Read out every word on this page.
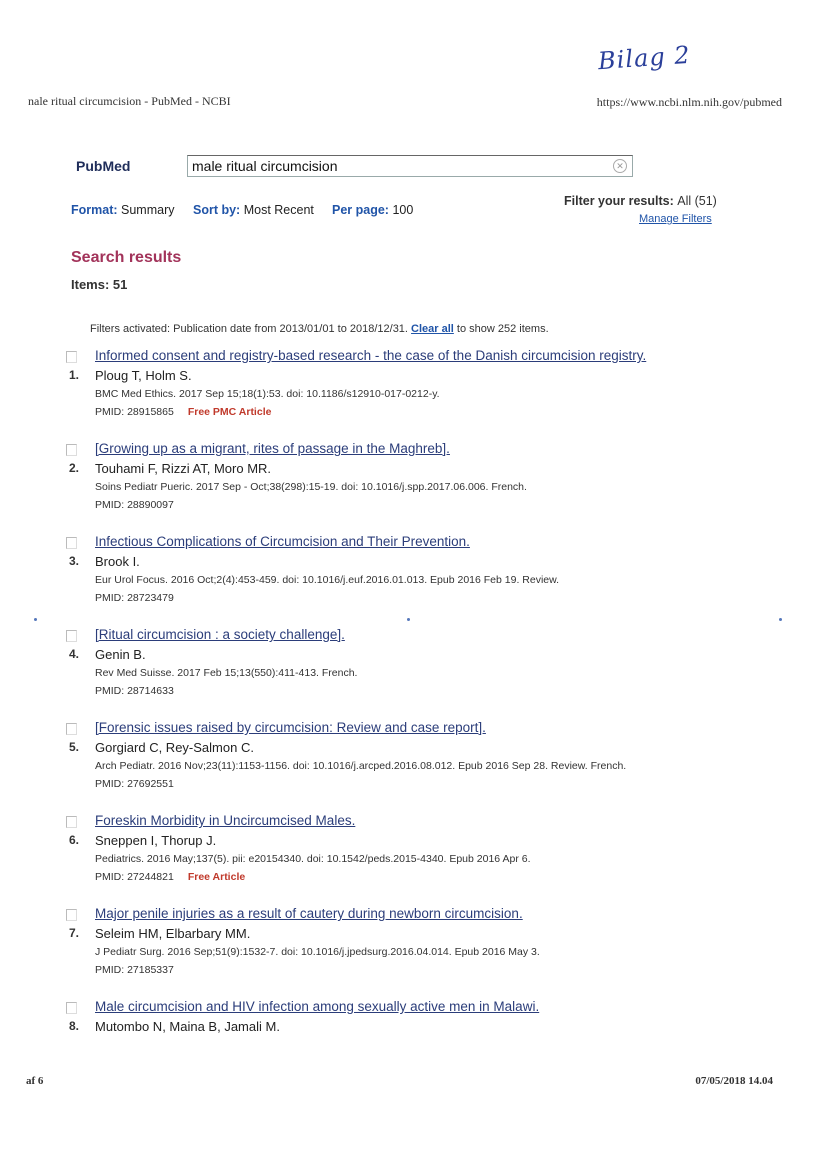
Bilag 2
nale ritual circumcision - PubMed - NCBI	https://www.ncbi.nlm.nih.gov/pubmed
PubMed
male ritual circumcision	✕
Format: Summary Sort by: Most Recent Per page: 100
Filter your results: All (51)
Manage Filters
Search results
Items: 51
Filters activated: Publication date from 2013/01/01 to 2018/12/31. Clear all to show 252 items.
Informed consent and registry-based research - the case of the Danish circumcision registry.
1. Ploug T, Holm S.
BMC Med Ethics. 2017 Sep 15;18(1):53. doi: 10.1186/s12910-017-0212-y.
PMID: 28915865 Free PMC Article
[Growing up as a migrant, rites of passage in the Maghreb].
2. Touhami F, Rizzi AT, Moro MR.
Soins Pediatr Pueric. 2017 Sep - Oct;38(298):15-19. doi: 10.1016/j.spp.2017.06.006. French.
PMID: 28890097
Infectious Complications of Circumcision and Their Prevention.
3. Brook I.
Eur Urol Focus. 2016 Oct;2(4):453-459. doi: 10.1016/j.euf.2016.01.013. Epub 2016 Feb 19. Review.
PMID: 28723479
[Ritual circumcision : a society challenge].
4. Genin B.
Rev Med Suisse. 2017 Feb 15;13(550):411-413. French.
PMID: 28714633
[Forensic issues raised by circumcision: Review and case report].
5. Gorgiard C, Rey-Salmon C.
Arch Pediatr. 2016 Nov;23(11):1153-1156. doi: 10.1016/j.arcped.2016.08.012. Epub 2016 Sep 28. Review. French.
PMID: 27692551
Foreskin Morbidity in Uncircumcised Males.
6. Sneppen I, Thorup J.
Pediatrics. 2016 May;137(5). pii: e20154340. doi: 10.1542/peds.2015-4340. Epub 2016 Apr 6.
PMID: 27244821 Free Article
Major penile injuries as a result of cautery during newborn circumcision.
7. Seleim HM, Elbarbary MM.
J Pediatr Surg. 2016 Sep;51(9):1532-7. doi: 10.1016/j.jpedsurg.2016.04.014. Epub 2016 May 3.
PMID: 27185337
Male circumcision and HIV infection among sexually active men in Malawi.
8. Mutombo N, Maina B, Jamali M.
af 6	07/05/2018 14.04
